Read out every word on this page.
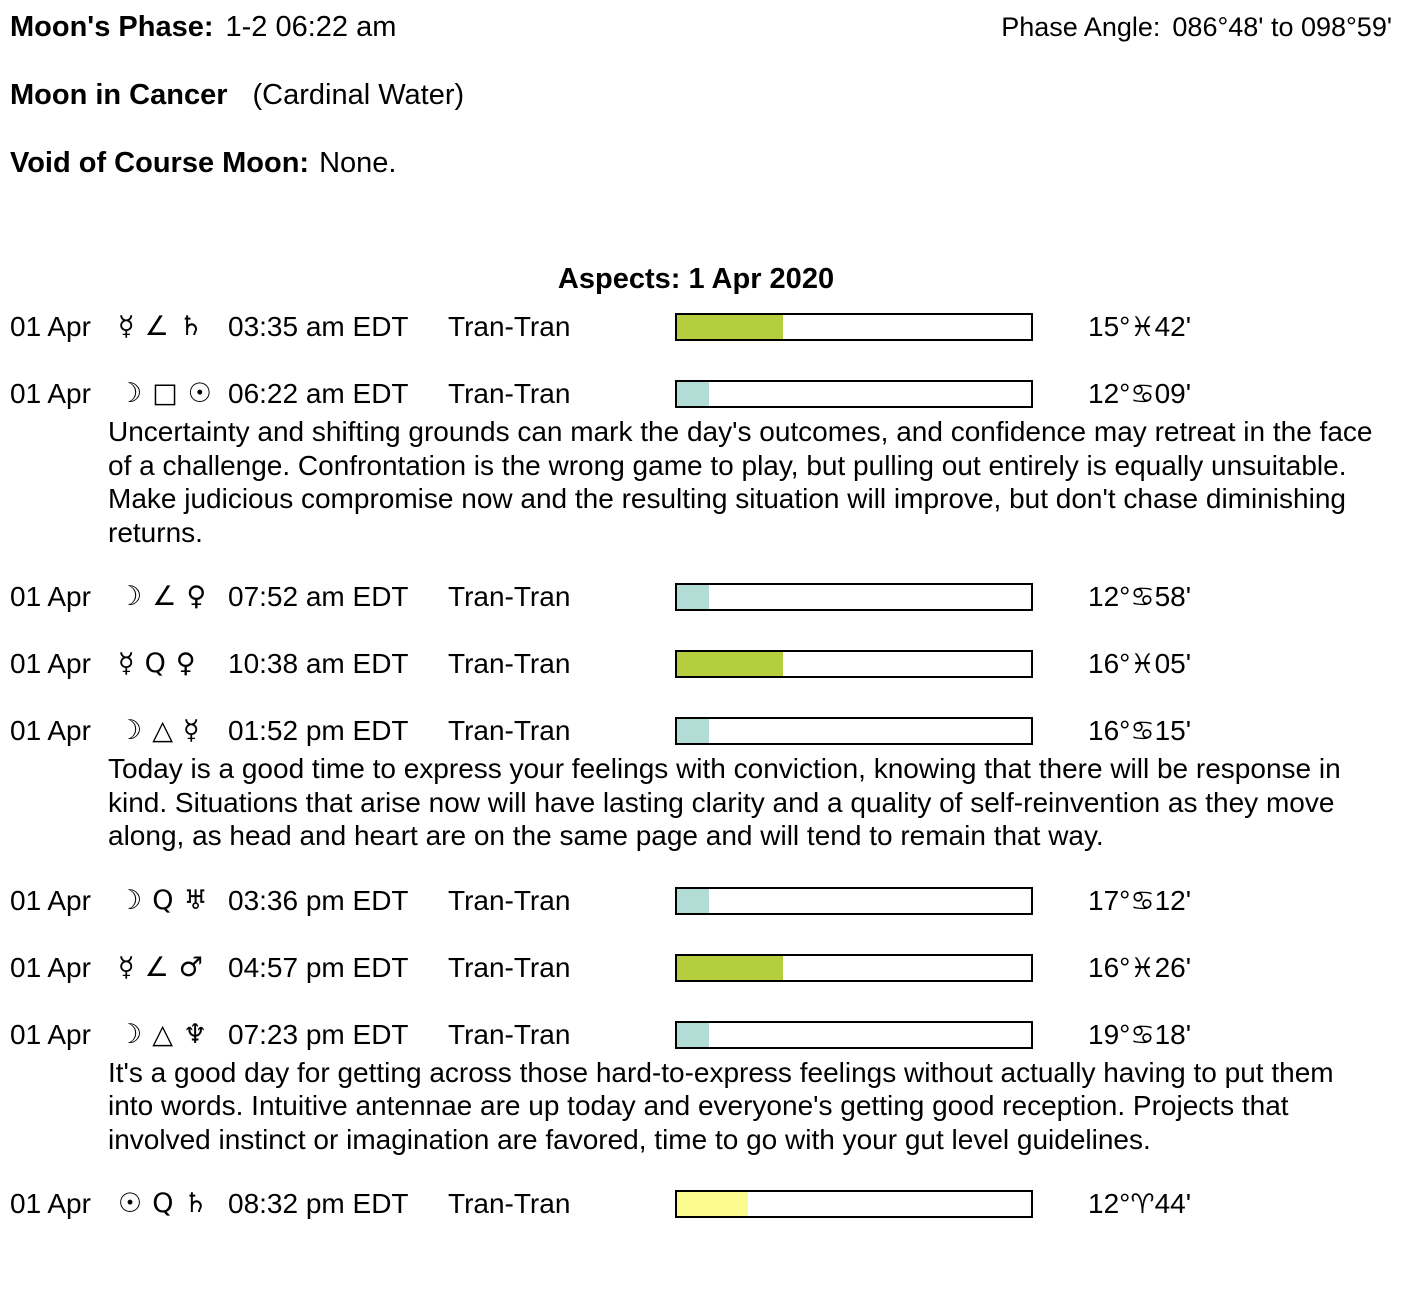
Moon's Phase: 1-2 06:22 am	Phase Angle: 086°48' to 098°59'
Moon in Cancer (Cardinal Water)
Void of Course Moon: None.
Aspects: 1 Apr 2020
01 Apr	☿ ∠ ♄ 03:35 am EDT	Tran-Tran	15°♓42'
01 Apr	☽ □ ☉ 06:22 am EDT	Tran-Tran	12°♋09'

Uncertainty and shifting grounds can mark the day's outcomes, and confidence may retreat in the face of a challenge. Confrontation is the wrong game to play, but pulling out entirely is equally unsuitable. Make judicious compromise now and the resulting situation will improve, but don't chase diminishing returns.

01 Apr	☽ ∠ ♀ 07:52 am EDT	Tran-Tran	12°♋58'
01 Apr	☿ Q ♀ 10:38 am EDT	Tran-Tran	16°♓05'
01 Apr	☽ △ ☿ 01:52 pm EDT	Tran-Tran	16°♋15'

Today is a good time to express your feelings with conviction, knowing that there will be response in kind. Situations that arise now will have lasting clarity and a quality of self-reinvention as they move along, as head and heart are on the same page and will tend to remain that way.

01 Apr	☽ Q ♅ 03:36 pm EDT	Tran-Tran	17°♋12'
01 Apr	☿ ∠ ♂ 04:57 pm EDT	Tran-Tran	16°♓26'
01 Apr	☽ △ ♆ 07:23 pm EDT	Tran-Tran	19°♋18'

It's a good day for getting across those hard-to-express feelings without actually having to put them into words. Intuitive antennae are up today and everyone's getting good reception. Projects that involved instinct or imagination are favored, time to go with your gut level guidelines.

01 Apr	☉ Q ♄ 08:32 pm EDT	Tran-Tran	12°♈44'
